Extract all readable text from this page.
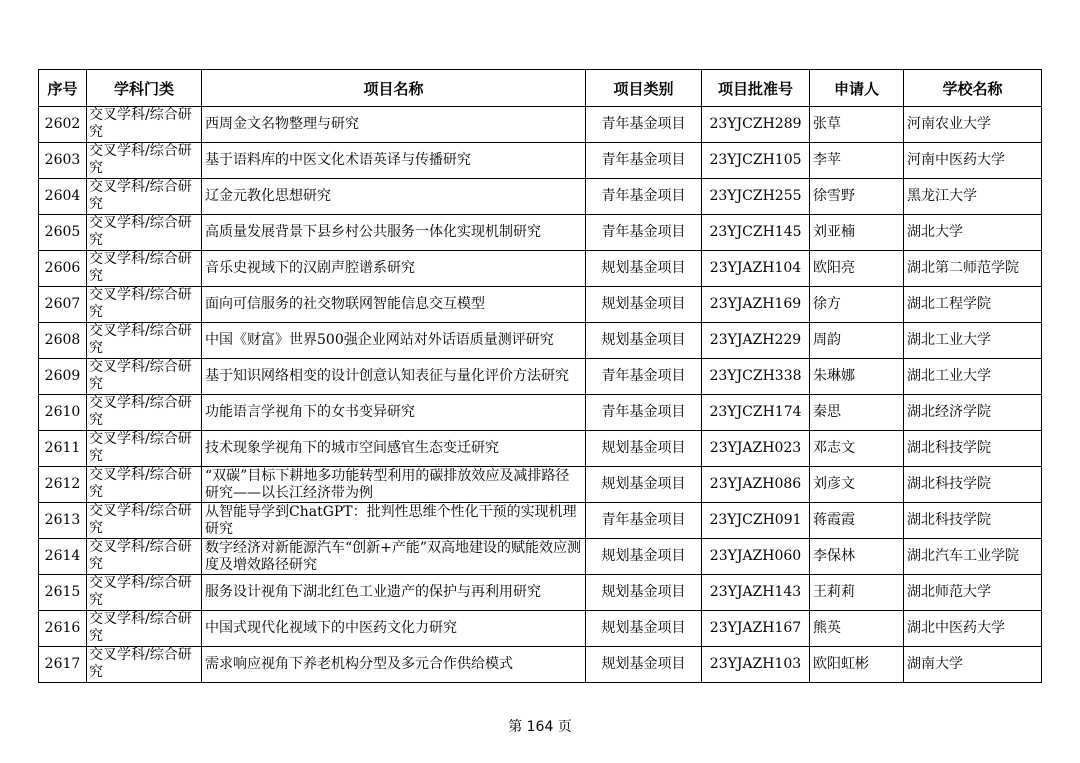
序号	学科门类	项目名称	项目类别	项目批准号	申请人	学校名称
2602	交叉学科/综合研究	西周金文名物整理与研究	青年基金项目	23YJCZH289	张草	河南农业大学
2603	交叉学科/综合研究	基于语料库的中医文化术语英译与传播研究	青年基金项目	23YJCZH105	李苹	河南中医药大学
2604	交叉学科/综合研究	辽金元教化思想研究	青年基金项目	23YJCZH255	徐雪野	黑龙江大学
2605	交叉学科/综合研究	高质量发展背景下县乡村公共服务一体化实现机制研究	青年基金项目	23YJCZH145	刘亚楠	湖北大学
2606	交叉学科/综合研究	音乐史视域下的汉剧声腔谱系研究	规划基金项目	23YJAZH104	欧阳亮	湖北第二师范学院
2607	交叉学科/综合研究	面向可信服务的社交物联网智能信息交互模型	规划基金项目	23YJAZH169	徐方	湖北工程学院
2608	交叉学科/综合研究	中国《财富》世界500强企业网站对外话语质量测评研究	规划基金项目	23YJAZH229	周韵	湖北工业大学
2609	交叉学科/综合研究	基于知识网络相变的设计创意认知表征与量化评价方法研究	青年基金项目	23YJCZH338	朱琳娜	湖北工业大学
2610	交叉学科/综合研究	功能语言学视角下的女书变异研究	青年基金项目	23YJCZH174	秦思	湖北经济学院
2611	交叉学科/综合研究	技术现象学视角下的城市空间感官生态变迁研究	规划基金项目	23YJAZH023	邓志文	湖北科技学院
2612	交叉学科/综合研究	“双碳”目标下耕地多功能转型利用的碳排放效应及减排路径研究——以长江经济带为例	规划基金项目	23YJAZH086	刘彦文	湖北科技学院
2613	交叉学科/综合研究	从智能导学到ChatGPT：批判性思维个性化干预的实现机理研究	青年基金项目	23YJCZH091	蒋霞霞	湖北科技学院
2614	交叉学科/综合研究	数字经济对新能源汽车“创新+产能”双高地建设的赋能效应测度及增效路径研究	规划基金项目	23YJAZH060	李保林	湖北汽车工业学院
2615	交叉学科/综合研究	服务设计视角下湖北红色工业遗产的保护与再利用研究	规划基金项目	23YJAZH143	王莉莉	湖北师范大学
2616	交叉学科/综合研究	中国式现代化视域下的中医药文化力研究	规划基金项目	23YJAZH167	熊英	湖北中医药大学
2617	交叉学科/综合研究	需求响应视角下养老机构分型及多元合作供给模式	规划基金项目	23YJAZH103	欧阳虹彬	湖南大学
第 164 页
